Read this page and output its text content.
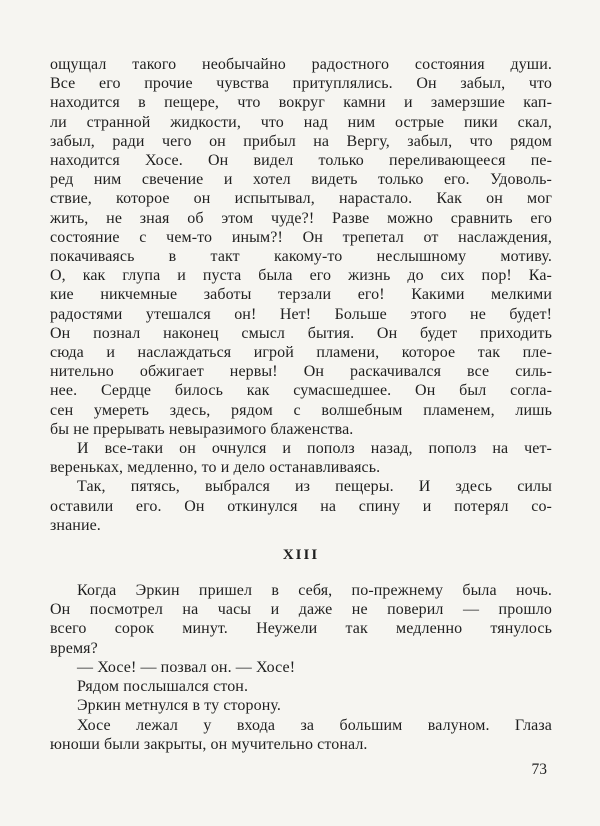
ощущал такого необычайно радостного состояния души.
Все его прочие чувства притуплялись. Он забыл, что
находится в пещере, что вокруг камни и замерзшие кап-
ли странной жидкости, что над ним острые пики скал,
забыл, ради чего он прибыл на Вергу, забыл, что рядом
находится Хосе. Он видел только переливающееся пе-
ред ним свечение и хотел видеть только его. Удоволь-
ствие, которое он испытывал, нарастало. Как он мог
жить, не зная об этом чуде?! Разве можно сравнить его
состояние с чем-то иным?! Он трепетал от наслаждения,
покачиваясь в такт какому-то неслышному мотиву.
О, как глупа и пуста была его жизнь до сих пор! Ка-
кие никчемные заботы терзали его! Какими мелкими
радостями утешался он! Нет! Больше этого не будет!
Он познал наконец смысл бытия. Он будет приходить
сюда и наслаждаться игрой пламени, которое так пле-
нительно обжигает нервы! Он раскачивался все силь-
нее. Сердце билось как сумасшедшее. Он был согла-
сен умереть здесь, рядом с волшебным пламенем, лишь
бы не прерывать невыразимого блаженства.
И все-таки он очнулся и пополз назад, пополз на чет-
вереньках, медленно, то и дело останавливаясь.
Так, пятясь, выбрался из пещеры. И здесь силы
оставили его. Он откинулся на спину и потерял со-
знание.
XIII
Когда Эркин пришел в себя, по-прежнему была ночь.
Он посмотрел на часы и даже не поверил — прошло
всего сорок минут. Неужели так медленно тянулось
время?
— Хосе! — позвал он. — Хосе!
Рядом послышался стон.
Эркин метнулся в ту сторону.
Хосе лежал у входа за большим валуном. Глаза
юноши были закрыты, он мучительно стонал.
73
